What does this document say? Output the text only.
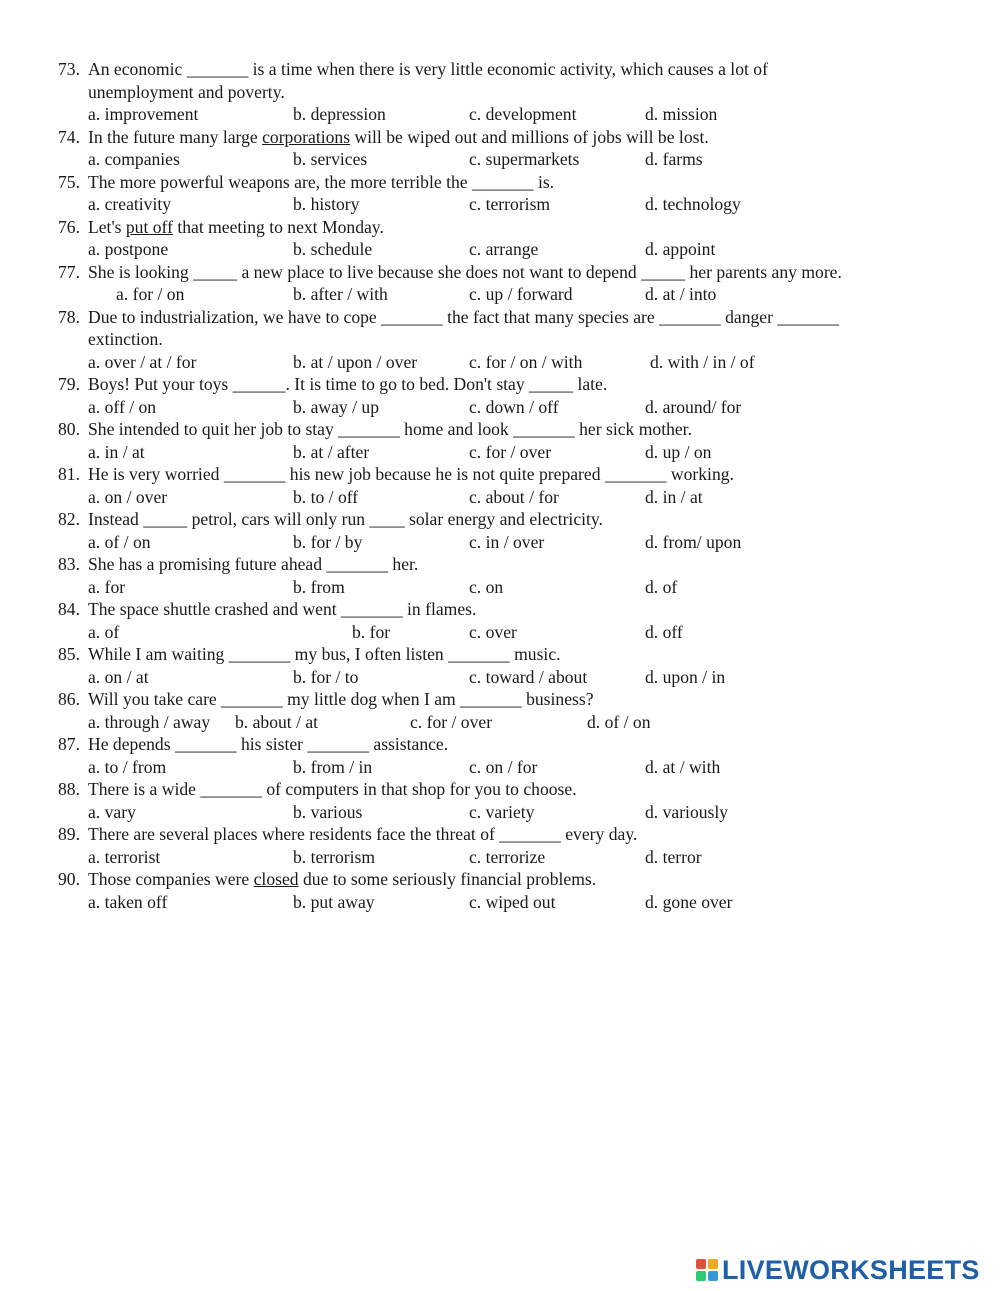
73. An economic _______ is a time when there is very little economic activity, which causes a lot of
unemployment and poverty.
a. improvement	b. depression	c. development	d. mission
74. In the future many large corporations will be wiped out and millions of jobs will be lost.
a. companies	b. services	c. supermarkets	d. farms
75. The more powerful weapons are, the more terrible the _______ is.
a. creativity	b. history	c. terrorism	d. technology
76. Let's put off that meeting to next Monday.
a. postpone	b. schedule	c. arrange	d. appoint
77. She is looking _____ a new place to live because she does not want to depend _____ her parents any more.
a. for / on	b. after / with	c. up / forward	d. at / into
78. Due to industrialization, we have to cope _______ the fact that many species are _______ danger _______
extinction.
a. over / at / for	b. at / upon / over	c. for / on / with	d. with / in / of
79. Boys! Put your toys ______. It is time to go to bed. Don't stay _____ late.
a. off / on	b. away / up	c. down / off	d. around/ for
80. She intended to quit her job to stay _______ home and look _______ her sick mother.
a. in / at	b. at / after	c. for / over	d. up / on
81. He is very worried _______ his new job because he is not quite prepared _______ working.
a. on / over	b. to / off	c. about / for	d. in / at
82. Instead _____ petrol, cars will only run ____ solar energy and electricity.
a. of / on	b. for / by	c. in / over	d. from/ upon
83. She has a promising future ahead _______ her.
a. for	b. from	c. on	d. of
84. The space shuttle crashed and went _______ in flames.
a. of	b. for	c. over	d. off
85. While I am waiting _______ my bus, I often listen _______ music.
a. on / at	b. for / to	c. toward / about	d. upon / in
86. Will you take care _______ my little dog when I am _______ business?
a. through / away b. about / at	c. for / over	d. of / on
87. He depends _______ his sister _______ assistance.
a. to / from	b. from / in	c. on / for	d. at / with
88. There is a wide _______ of computers in that shop for you to choose.
a. vary	b. various	c. variety	d. variously
89. There are several places where residents face the threat of _______ every day.
a. terrorist	b. terrorism	c. terrorize	d. terror
90. Those companies were closed due to some seriously financial problems.
a. taken off	b. put away	c. wiped out	d. gone over
LIVEWORKSHEETS
